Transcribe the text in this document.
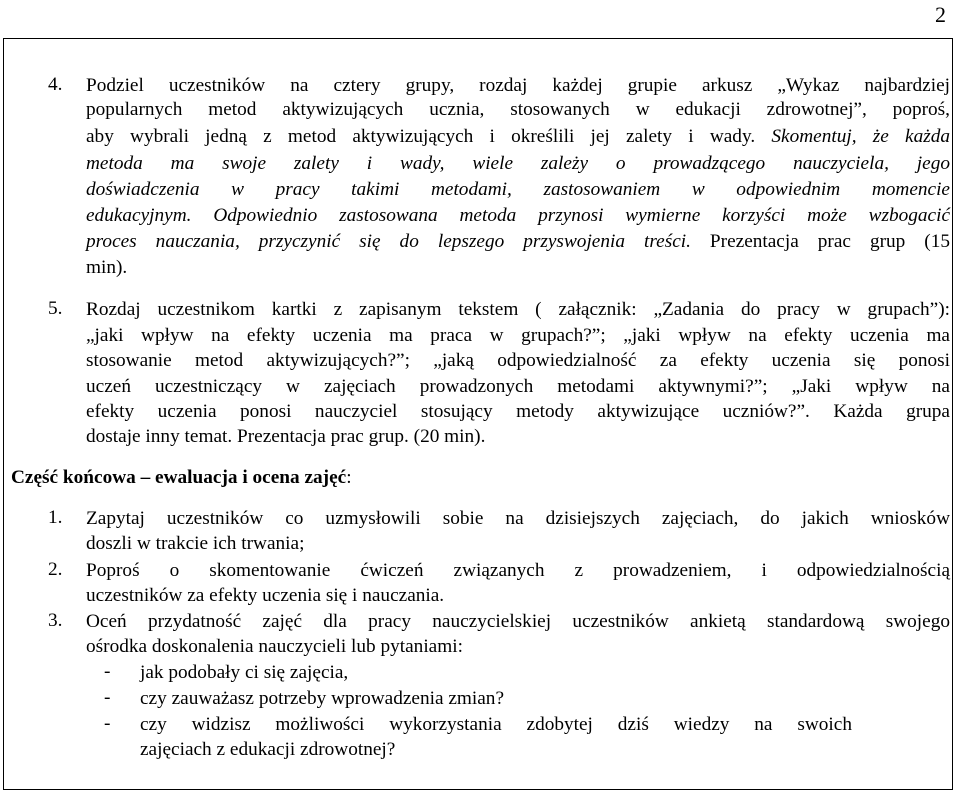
2
4. Podziel uczestników na cztery grupy, rozdaj każdej grupie arkusz „Wykaz najbardziej
popularnych metod aktywizujących ucznia, stosowanych w edukacji zdrowotnej”, poproś,
aby wybrali jedną z metod aktywizujących i określili jej zalety i wady. Skomentuj, że każda
metoda ma swoje zalety i wady, wiele zależy o prowadzącego nauczyciela, jego
doświadczenia w pracy takimi metodami, zastosowaniem w odpowiednim momencie
edukacyjnym. Odpowiednio zastosowana metoda przynosi wymierne korzyści może wzbogacić
proces nauczania, przyczynić się do lepszego przyswojenia treści. Prezentacja prac grup (15
min).
5. Rozdaj uczestnikom kartki z zapisanym tekstem ( załącznik: „Zadania do pracy w grupach”):
„jaki wpływ na efekty uczenia ma praca w grupach?”; „jaki wpływ na efekty uczenia ma
stosowanie metod aktywizujących?”; „jaką odpowiedzialność za efekty uczenia się ponosi
uczeń uczestniczący w zajęciach prowadzonych metodami aktywnymi?”; „Jaki wpływ na
efekty uczenia ponosi nauczyciel stosujący metody aktywizujące uczniów?”. Każda grupa
dostaje inny temat. Prezentacja prac grup. (20 min).
Część końcowa – ewaluacja i ocena zajęć:
1. Zapytaj uczestników co uzmysłowili sobie na dzisiejszych zajęciach, do jakich wniosków
doszli w trakcie ich trwania;
2. Poproś o skomentowanie ćwiczeń związanych z prowadzeniem, i odpowiedzialnością
uczestników za efekty uczenia się i nauczania.
3. Oceń przydatność zajęć dla pracy nauczycielskiej uczestników ankietą standardową swojego
ośrodka doskonalenia nauczycieli lub pytaniami:
- jak podobały ci się zajęcia,
- czy zauważasz potrzeby wprowadzenia zmian?
- czy widzisz możliwości wykorzystania zdobytej dziś wiedzy na swoich
zajęciach z edukacji zdrowotnej?
